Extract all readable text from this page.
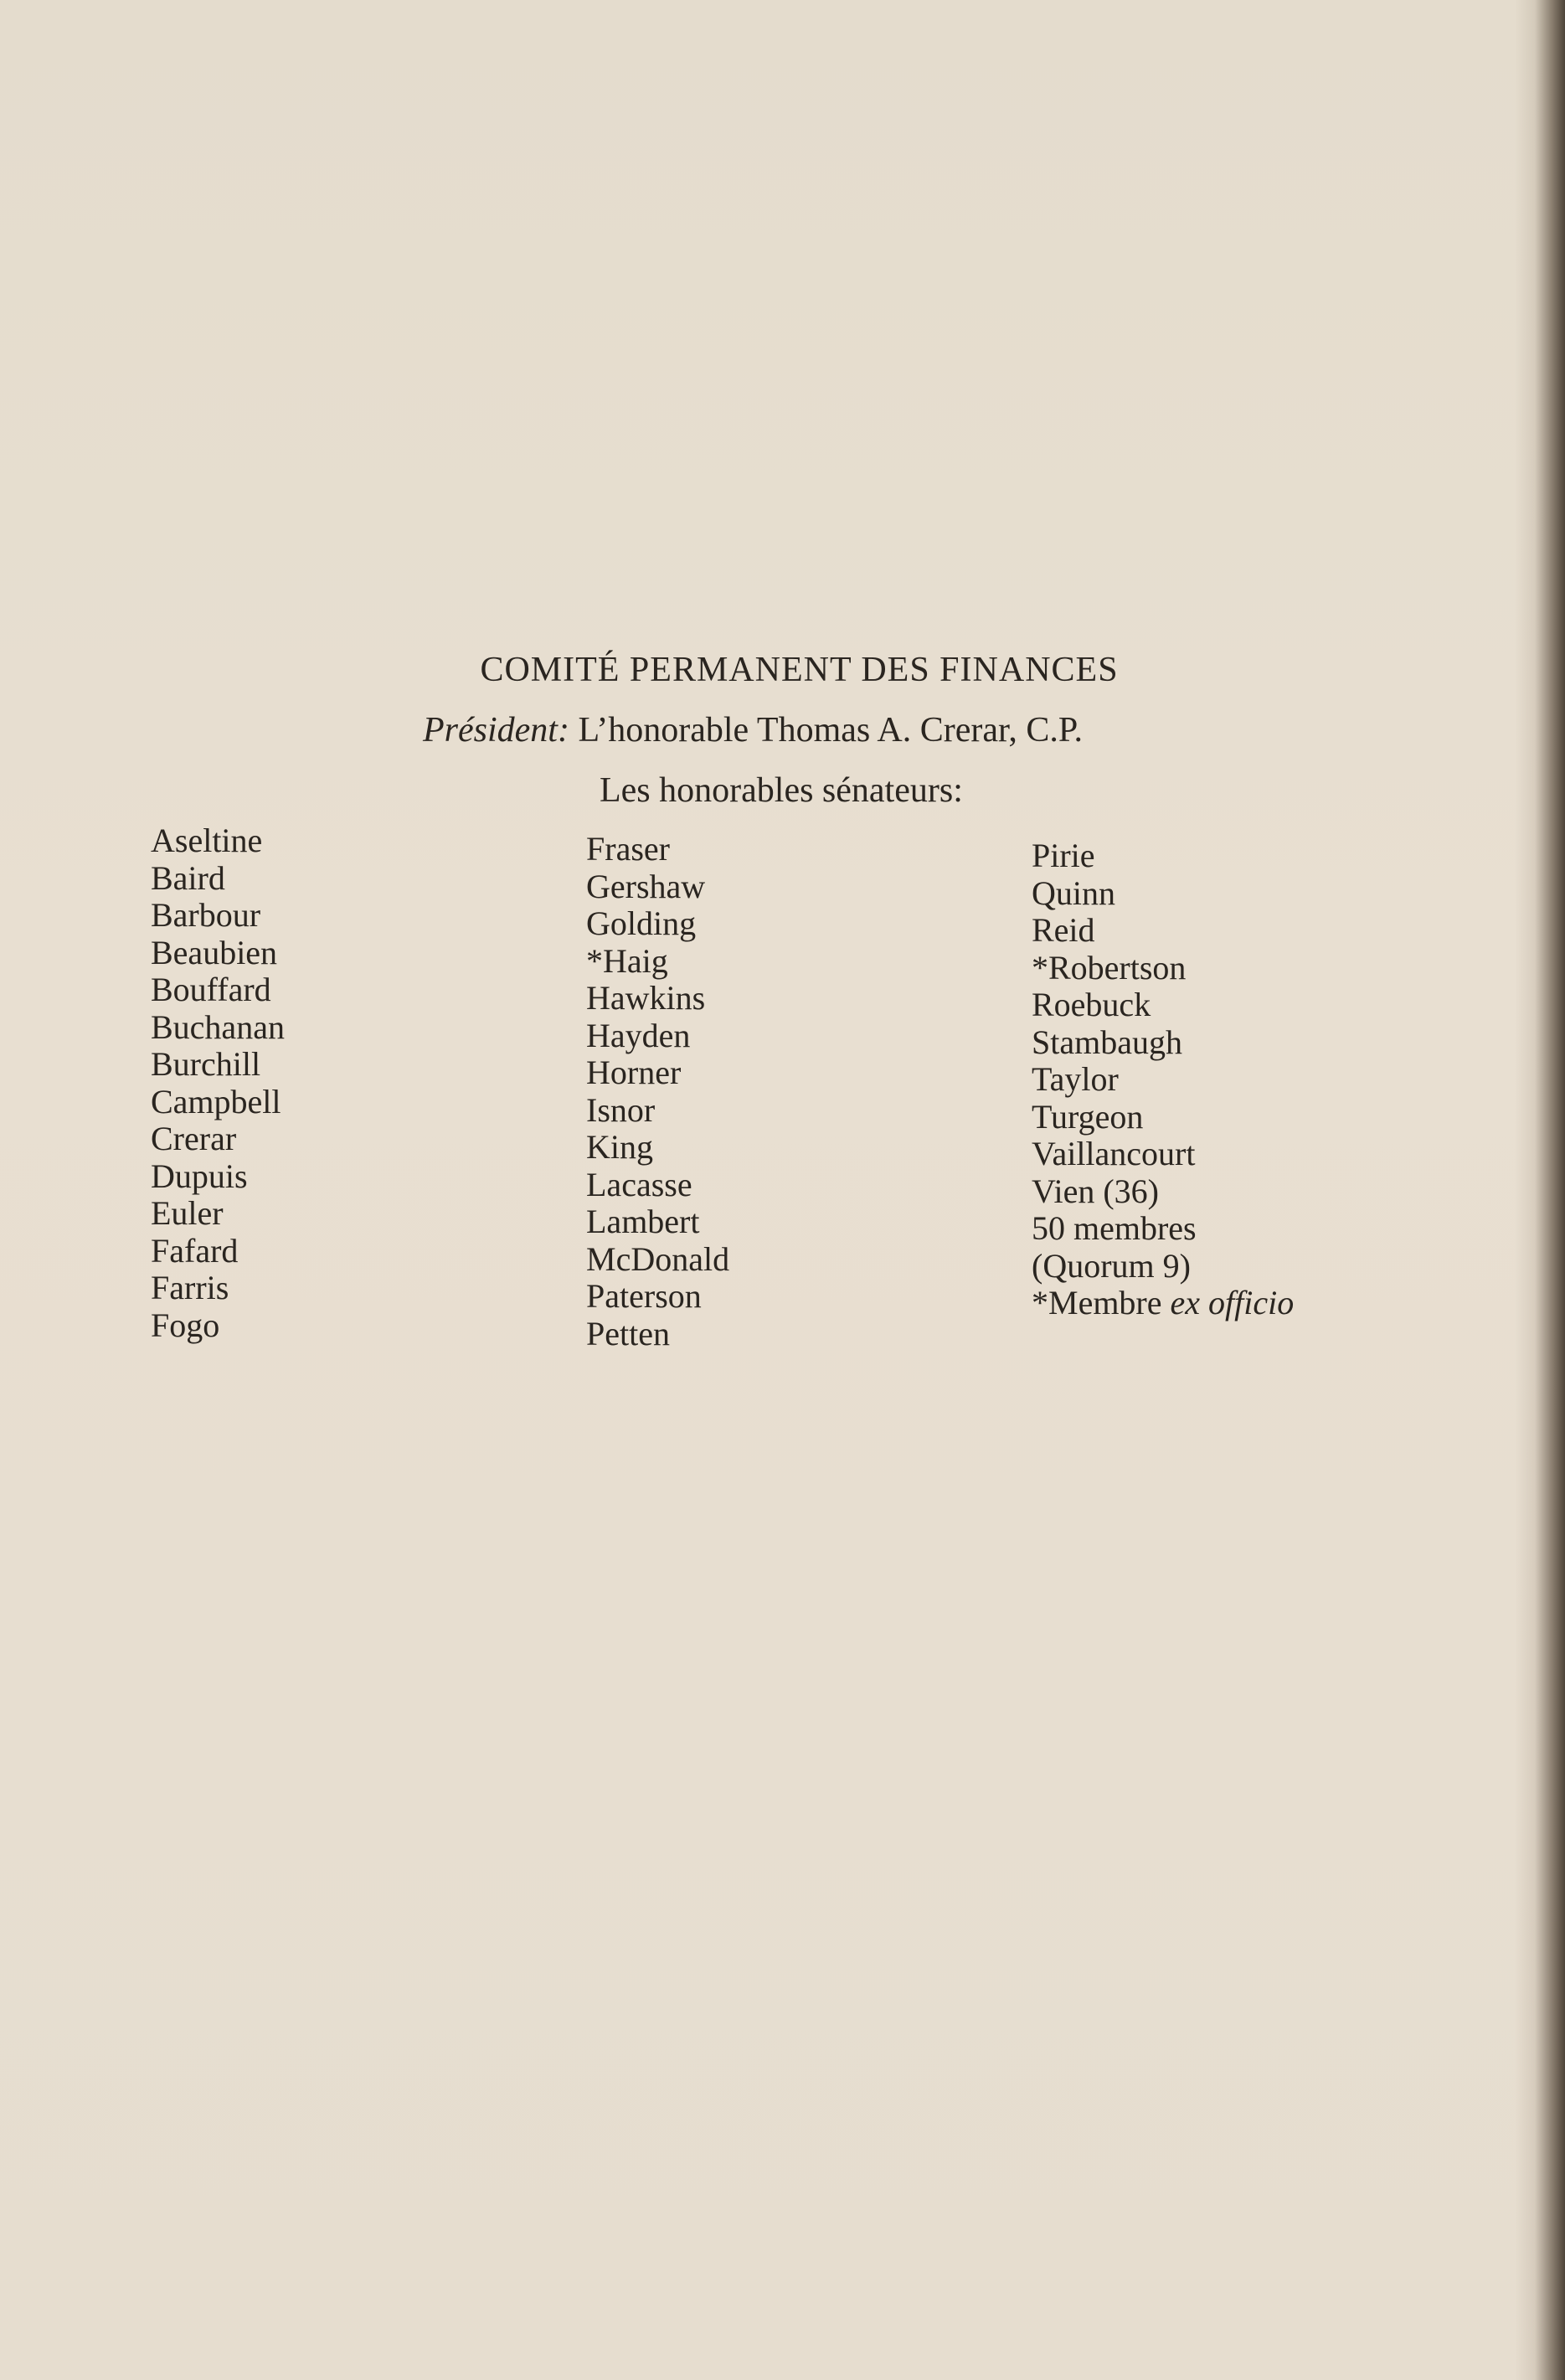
COMITÉ PERMANENT DES FINANCES
Président: L’honorable Thomas A. Crerar, C.P.
Les honorables sénateurs:
Aseltine
Baird
Barbour
Beaubien
Bouffard
Buchanan
Burchill
Campbell
Crerar
Dupuis
Euler
Fafard
Farris
Fogo
Fraser
Gershaw
Golding
*Haig
Hawkins
Hayden
Horner
Isnor
King
Lacasse
Lambert
McDonald
Paterson
Petten
Pirie
Quinn
Reid
*Robertson
Roebuck
Stambaugh
Taylor
Turgeon
Vaillancourt
Vien (36)
50 membres
(Quorum 9)
*Membre ex officio
